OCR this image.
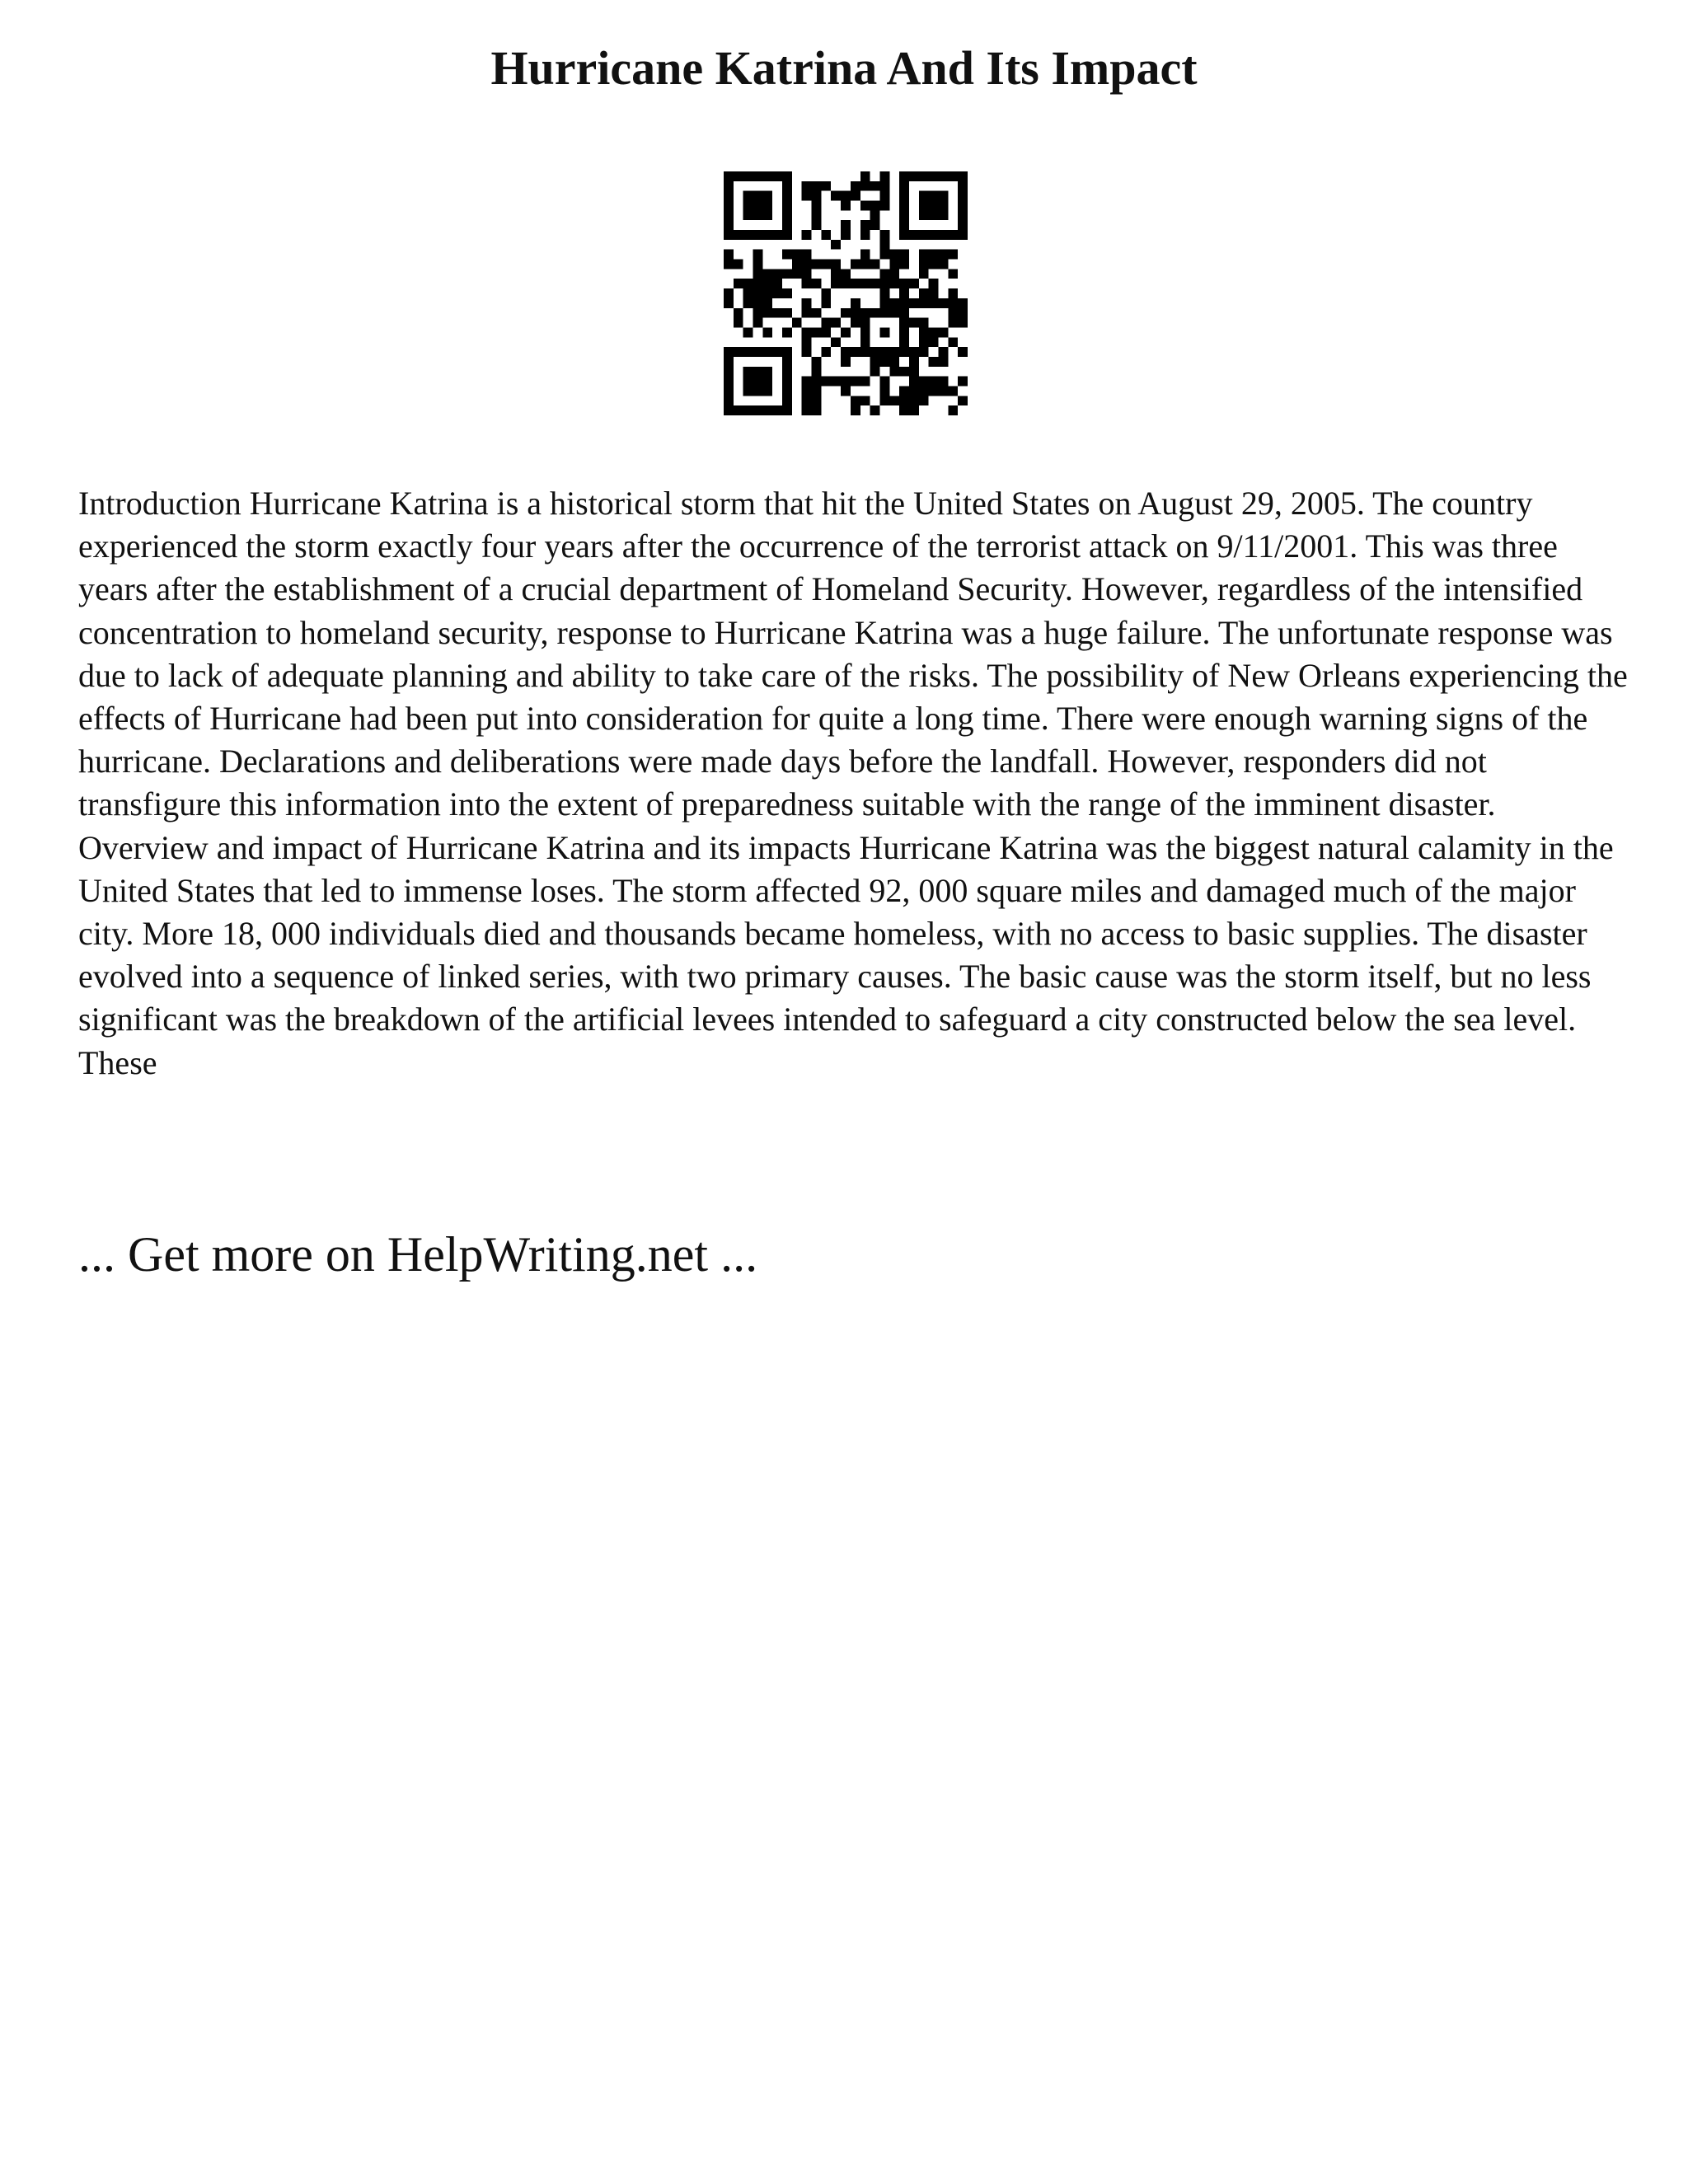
Hurricane Katrina And Its Impact

Introduction Hurricane Katrina is a historical storm that hit the United States on August 29, 2005. The country experienced the storm exactly four years after the occurrence of the terrorist attack on 9/11/2001. This was three years after the establishment of a crucial department of Homeland Security. However, regardless of the intensified concentration to homeland security, response to Hurricane Katrina was a huge failure. The unfortunate response was due to lack of adequate planning and ability to take care of the risks. The possibility of New Orleans experiencing the effects of Hurricane had been put into consideration for quite a long time. There were enough warning signs of the hurricane. Declarations and deliberations were made days before the landfall. However, responders did not transfigure this information into the extent of preparedness suitable with the range of the imminent disaster.

Overview and impact of Hurricane Katrina and its impacts Hurricane Katrina was the biggest natural calamity in the United States that led to immense loses. The storm affected 92, 000 square miles and damaged much of the major city. More 18, 000 individuals died and thousands became homeless, with no access to basic supplies. The disaster evolved into a sequence of linked series, with two primary causes. The basic cause was the storm itself, but no less significant was the breakdown of the artificial levees intended to safeguard a city constructed below the sea level. These

... Get more on HelpWriting.net ...
